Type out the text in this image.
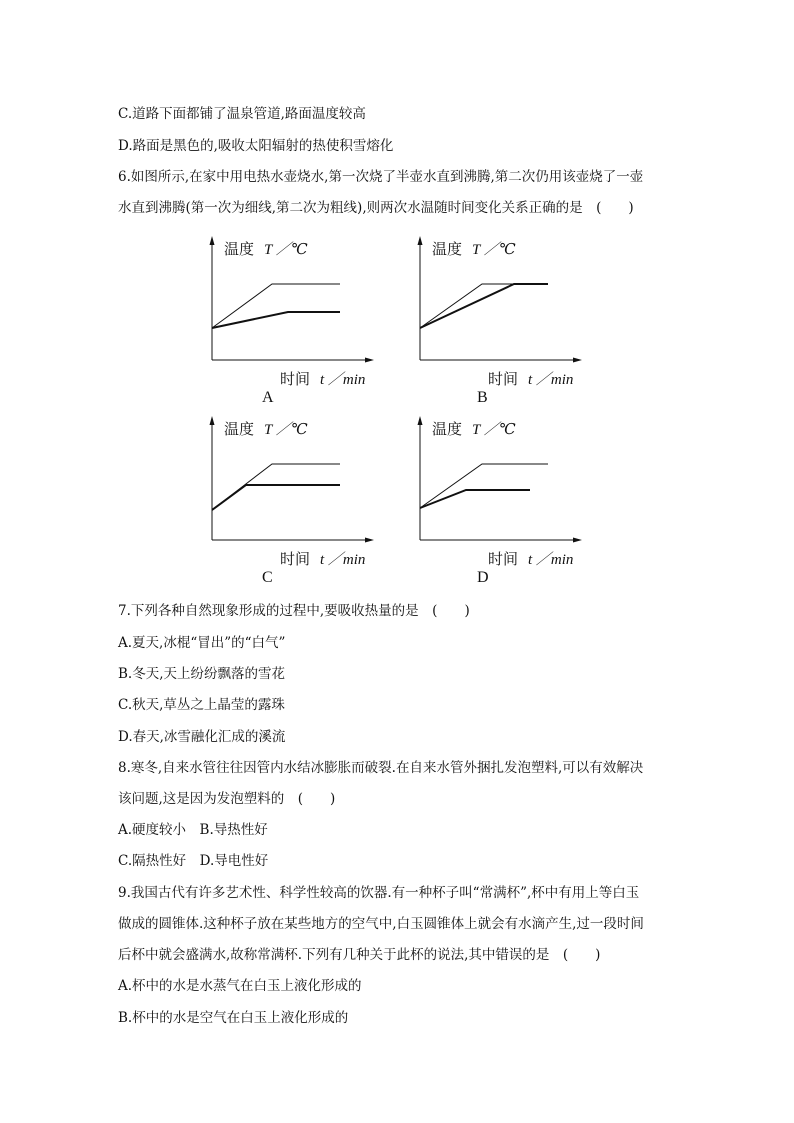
C.道路下面都铺了温泉管道,路面温度较高
D.路面是黑色的,吸收太阳辐射的热使积雪熔化
6.如图所示,在家中用电热水壶烧水,第一次烧了半壶水直到沸腾,第二次仍用该壶烧了一壶
水直到沸腾(第一次为细线,第二次为粗线),则两次水温随时间变化关系正确的是　(　　)
温度 T ／℃
时间 t ／min
A
温度 T ／℃
时间 t ／min
B
温度 T ／℃
时间 t ／min
C
温度 T ／℃
时间 t ／min
D
7.下列各种自然现象形成的过程中,要吸收热量的是　(　　)
A.夏天,冰棍“冒出”的“白气”
B.冬天,天上纷纷飘落的雪花
C.秋天,草丛之上晶莹的露珠
D.春天,冰雪融化汇成的溪流
8.寒冬,自来水管往往因管内水结冰膨胀而破裂.在自来水管外捆扎发泡塑料,可以有效解决
该问题,这是因为发泡塑料的　(　　)
A.硬度较小　B.导热性好
C.隔热性好　D.导电性好
9.我国古代有许多艺术性、科学性较高的饮器.有一种杯子叫“常满杯”,杯中有用上等白玉
做成的圆锥体.这种杯子放在某些地方的空气中,白玉圆锥体上就会有水滴产生,过一段时间
后杯中就会盛满水,故称常满杯.下列有几种关于此杯的说法,其中错误的是　(　　)
A.杯中的水是水蒸气在白玉上液化形成的
B.杯中的水是空气在白玉上液化形成的
